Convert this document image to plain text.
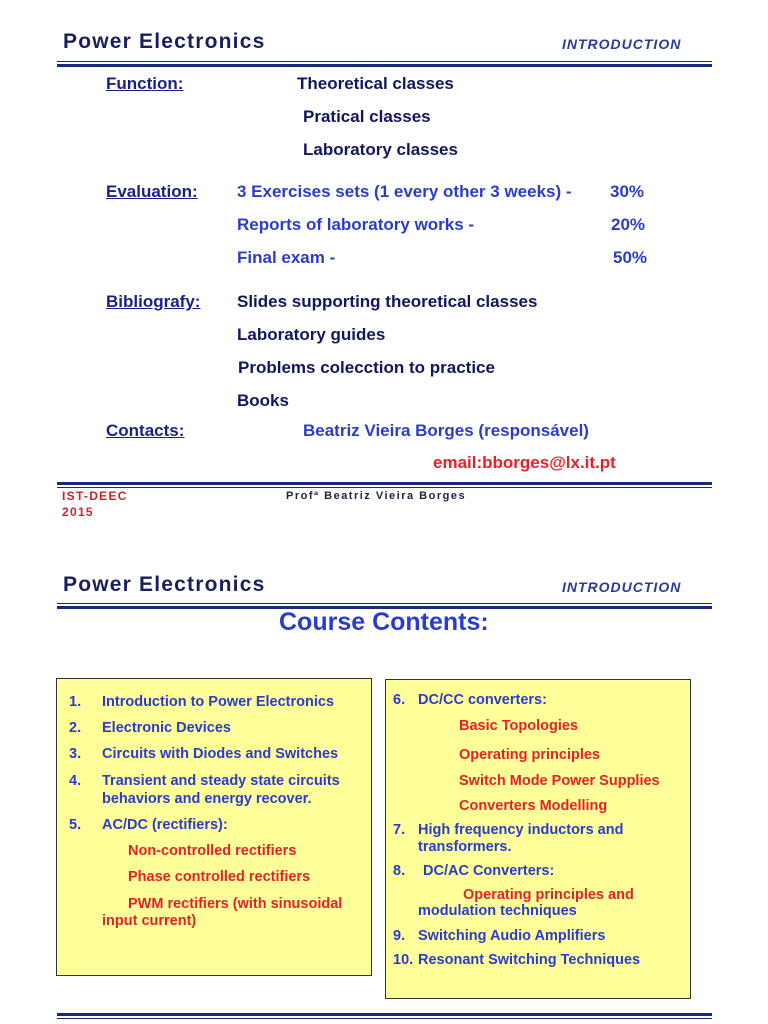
Power Electronics	INTRODUCTION
Function:	Theoretical classes
Pratical classes
Laboratory classes
Evaluation: 3 Exercises sets (1 every other 3 weeks) - 30%
Reports of laboratory works -	20%
Final exam -	50%
Bibliografy: Slides supporting theoretical classes
Laboratory guides
Problems colecction to practice
Books
Contacts:	Beatriz Vieira Borges (responsável)
email:bborges@lx.it.pt
IST-DEEC
2015
Profª Beatriz Vieira Borges
Power Electronics	INTRODUCTION
Course Contents:
1. Introduction to Power Electronics
2. Electronic Devices
3. Circuits with Diodes and Switches
4. Transient and steady state circuits
behaviors and energy recover.
5. AC/DC (rectifiers):
Non-controlled rectifiers
Phase controlled rectifiers
PWM rectifiers (with sinusoidal
input current)
6. DC/CC converters:
Basic Topologies
Operating principles
Switch Mode Power Supplies
Converters Modelling
7. High frequency inductors and
transformers.
8. DC/AC Converters:
Operating principles and
modulation techniques
9. Switching Audio Amplifiers
10. Resonant Switching Techniques
